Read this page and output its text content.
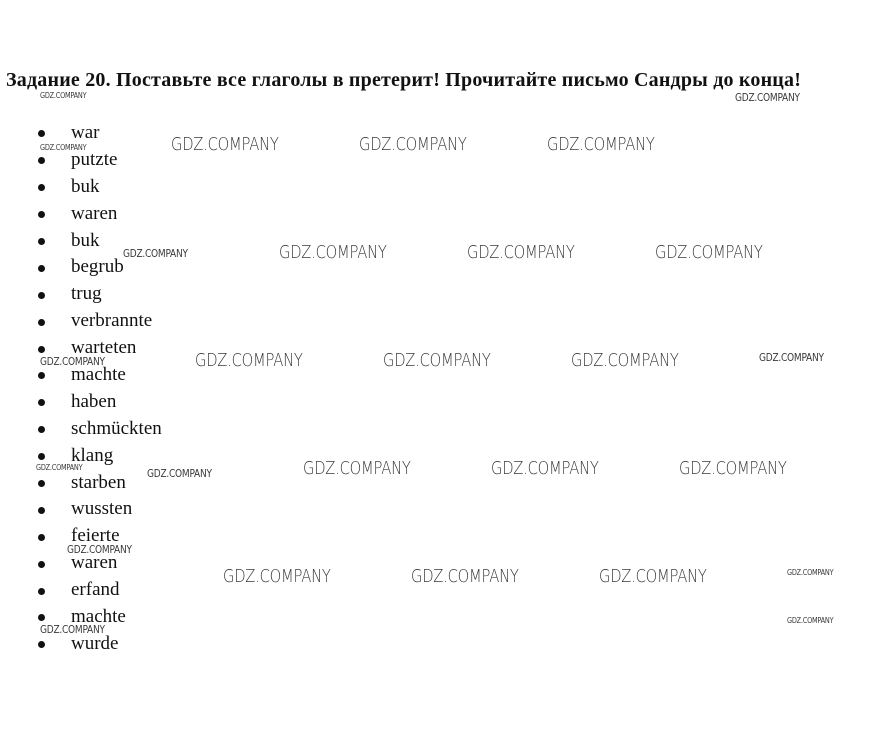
Задание 20. Поставьте все глаголы в претерит! Прочитайте письмо Сандры до конца!
war
putzte
buk
waren
buk
begrub
trug
verbrannte
warteten
machte
haben
schmückten
klang
starben
wussten
feierte
waren
erfand
machte
wurde
GDZ.COMPANY	GDZ.COMPANY
GDZ.COMPANY	GDZ.COMPANY	GDZ.COMPANY	GDZ.COMPANY
GDZ.COMPANY	GDZ.COMPANY	GDZ.COMPANY	GDZ.COMPANY
GDZ.COMPANY	GDZ.COMPANY	GDZ.COMPANY	GDZ.COMPANY	GDZ.COMPANY
GDZ.COMPANY	GDZ.COMPANY	GDZ.COMPANY	GDZ.COMPANY	GDZ.COMPANY
GDZ.COMPANY
GDZ.COMPANY	GDZ.COMPANY	GDZ.COMPANY	GDZ.COMPANY
GDZ.COMPANY
GDZ.COMPANY
